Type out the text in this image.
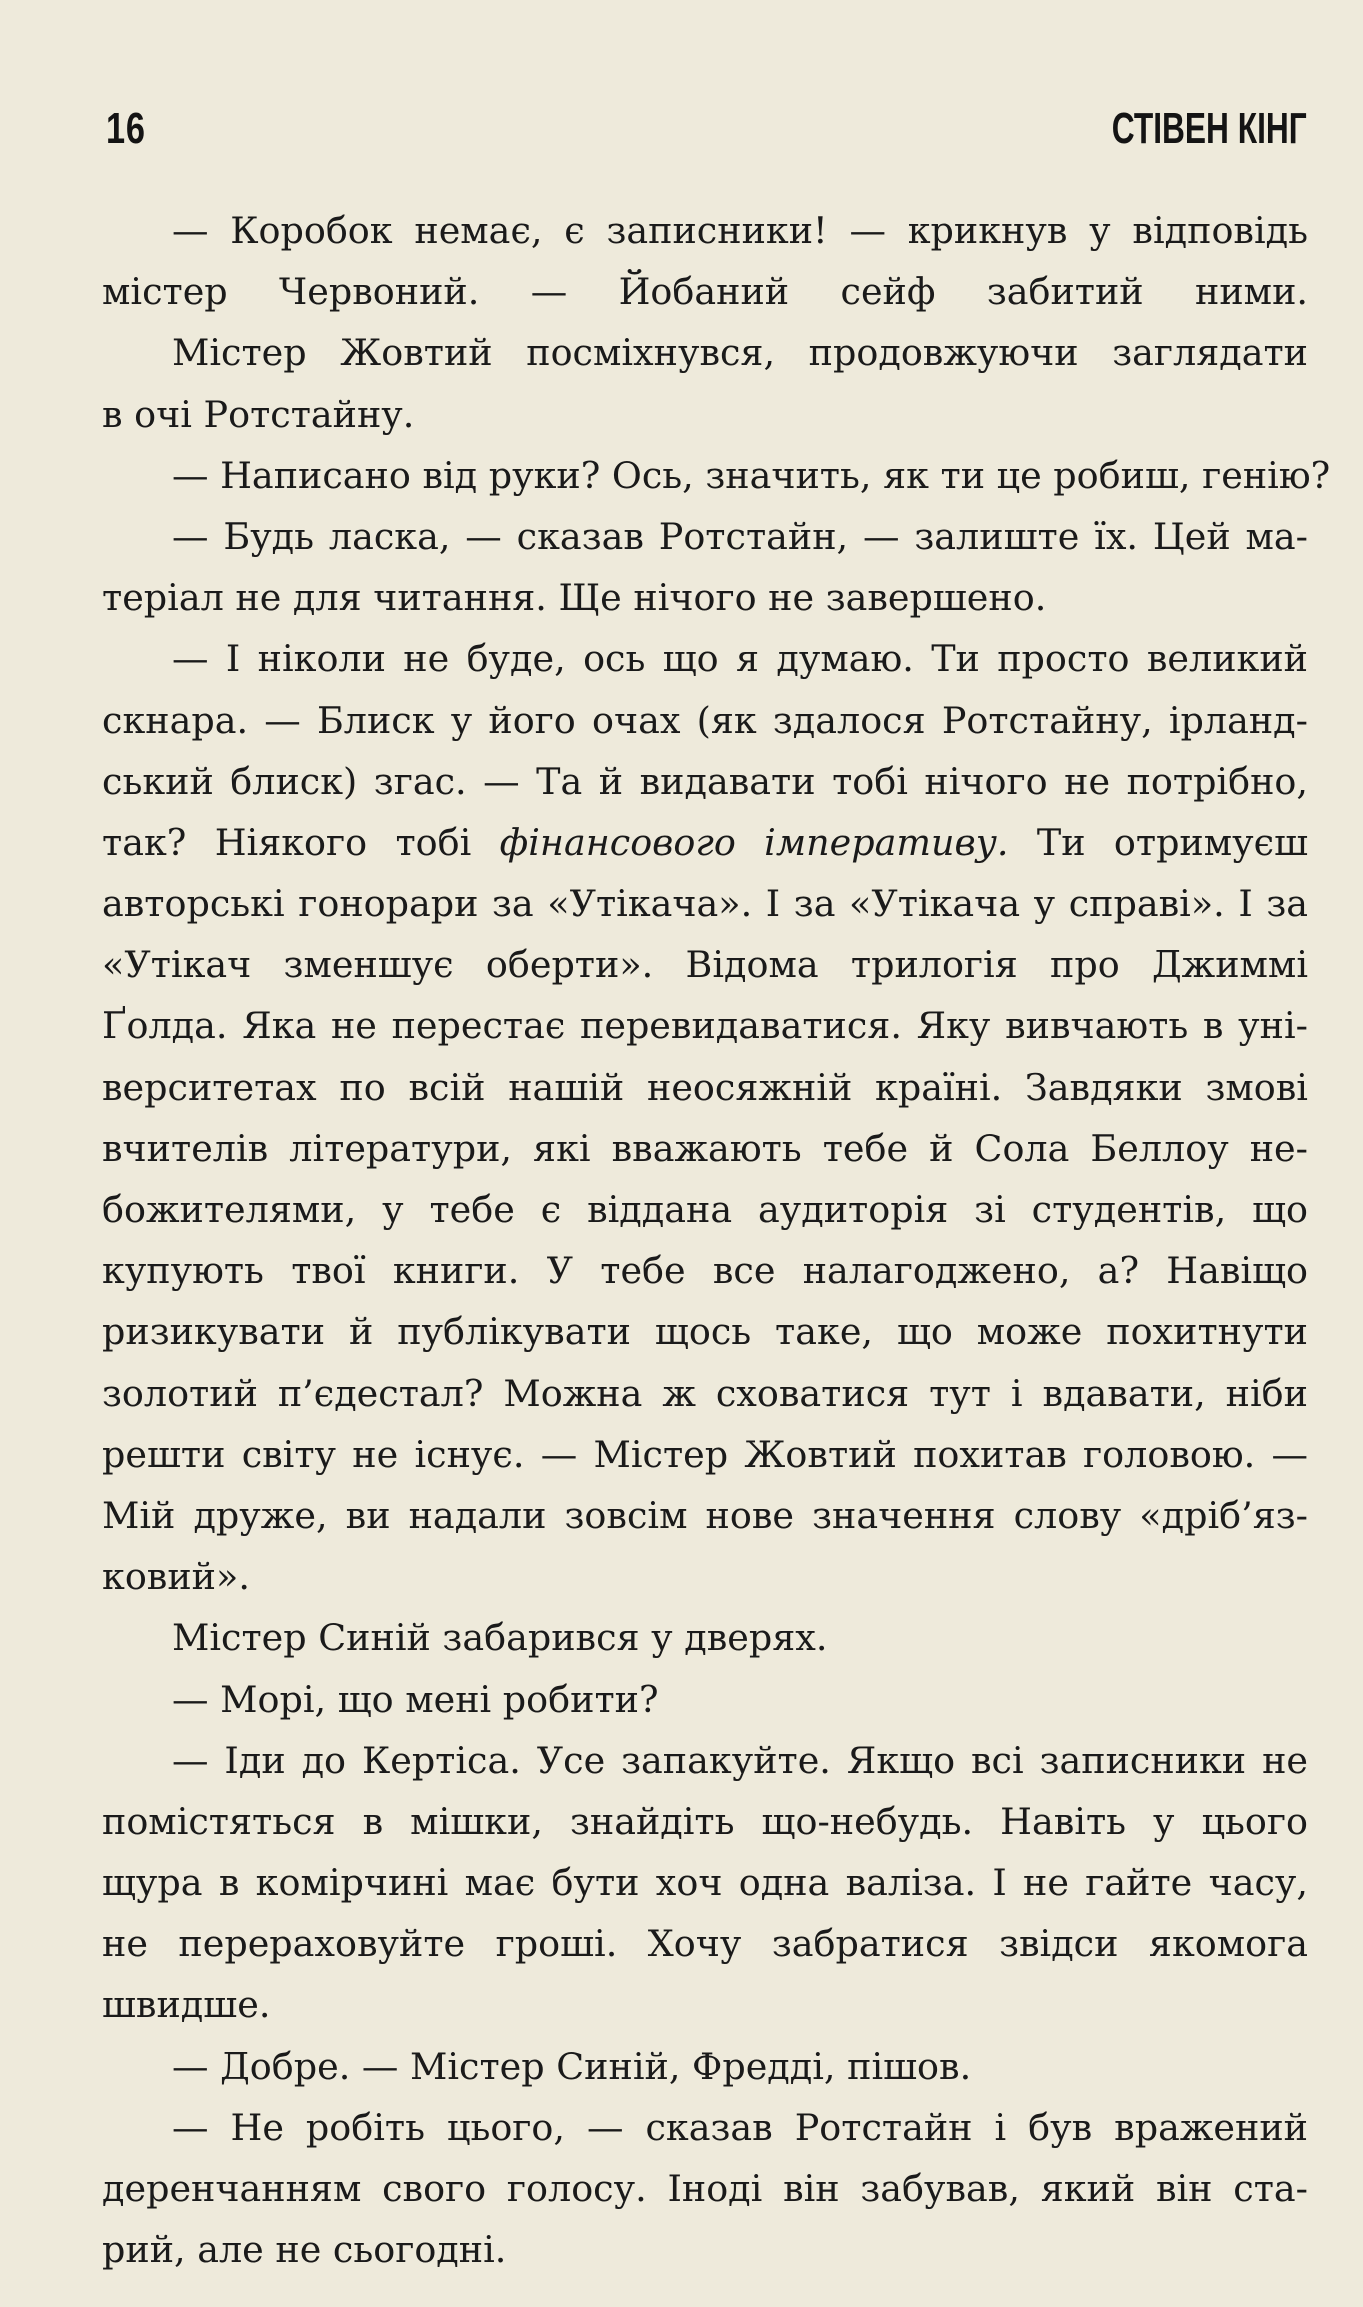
16	СТІВЕН КІНГ
— Коробок немає, є записники! — крикнув у відповідь
містер Червоний. — Йобаний сейф забитий ними.
Містер Жовтий посміхнувся, продовжуючи заглядати
в очі Ротстайну.
— Написано від руки? Ось, значить, як ти це робиш, генію?
— Будь ласка, — сказав Ротстайн, — залиште їх. Цей ма-
теріал не для читання. Ще нічого не завершено.
— І ніколи не буде, ось що я думаю. Ти просто великий
скнара. — Блиск у його очах (як здалося Ротстайну, ірланд-
ський блиск) згас. — Та й видавати тобі нічого не потрібно,
так? Ніякого тобі фінансового імперативу. Ти отримуєш
авторські гонорари за «Утікача». І за «Утікача у справі». І за
«Утікач зменшує оберти». Відома трилогія про Джиммі
Ґолда. Яка не перестає перевидаватися. Яку вивчають в уні-
верситетах по всій нашій неосяжній країні. Завдяки змові
вчителів літератури, які вважають тебе й Сола Беллоу не-
божителями, у тебе є віддана аудиторія зі студентів, що
купують твої книги. У тебе все налагоджено, а? Навіщо
ризикувати й публікувати щось таке, що може похитнути
золотий п’єдестал? Можна ж сховатися тут і вдавати, ніби
решти світу не існує. — Містер Жовтий похитав головою. —
Мій друже, ви надали зовсім нове значення слову «дріб’яз-
ковий».
Містер Синій забарився у дверях.
— Морі, що мені робити?
— Іди до Кертіса. Усе запакуйте. Якщо всі записники не
помістяться в мішки, знайдіть що-небудь. Навіть у цього
щура в комірчині має бути хоч одна валіза. І не гайте часу,
не перераховуйте гроші. Хочу забратися звідси якомога
швидше.
— Добре. — Містер Синій, Фредді, пішов.
— Не робіть цього, — сказав Ротстайн і був вражений
деренчанням свого голосу. Іноді він забував, який він ста-
рий, але не сьогодні.
